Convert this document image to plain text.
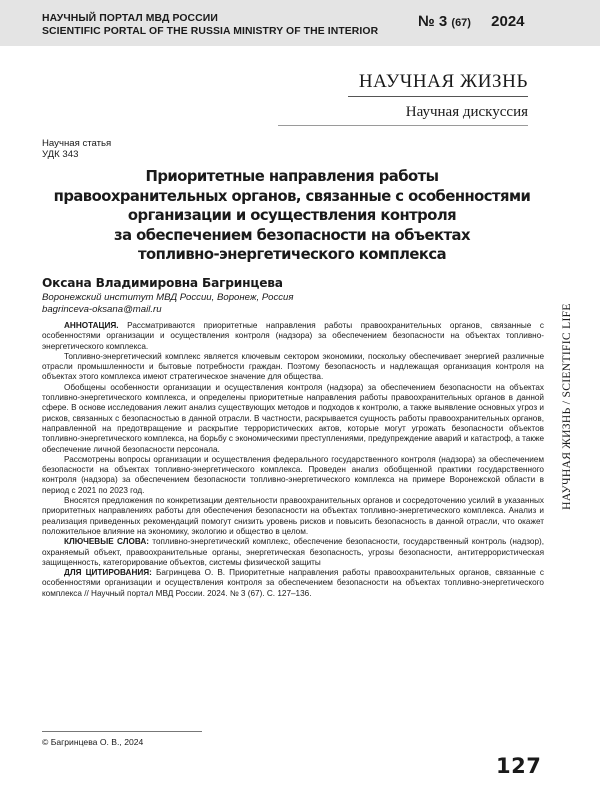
НАУЧНЫЙ ПОРТАЛ МВД РОССИИ
SCIENTIFIC PORTAL OF THE RUSSIA MINISTRY OF THE INTERIOR
№ 3 (67) 2024
НАУЧНАЯ ЖИЗНЬ
Научная дискуссия
НАУЧНАЯ ЖИЗНЬ / SCIENTIFIC LIFE
Научная статья
УДК 343
Приоритетные направления работы
правоохранительных органов, связанные с особенностями
организации и осуществления контроля
за обеспечением безопасности на объектах
топливно-энергетического комплекса
Оксана Владимировна Багринцева
Воронежский институт МВД России, Воронеж, Россия
bagrinceva-oksana@mail.ru

АННОТАЦИЯ. Рассматриваются приоритетные направления работы правоохранительных органов, связанные с особенностями организации и осуществления контроля (надзора) за обеспечением безопасности на объектах топливно-энергетического комплекса.

Топливно-энергетический комплекс является ключевым сектором экономики, поскольку обеспечивает энергией различные отрасли промышленности и бытовые потребности граждан. Поэтому безопасность и надлежащая организация контроля на объектах этого комплекса имеют стратегическое значение для общества.

Обобщены особенности организации и осуществления контроля (надзора) за обеспечением безопасности на объектах топливно-энергетического комплекса, и определены приоритетные направления работы правоохранительных органов в данной сфере. В основе исследования лежит анализ существующих методов и подходов к контролю, а также выявление основных угроз и рисков, связанных с безопасностью в данной отрасли. В частности, раскрывается сущность работы правоохранительных органов, направленной на предотвращение и раскрытие террористических актов, которые могут угрожать безопасности объектов топливно-энергетического комплекса, на борьбу с экономическими преступлениями, предупреждение аварий и катастроф, а также обеспечение личной безопасности персонала.

Рассмотрены вопросы организации и осуществления федерального государственного контроля (надзора) за обеспечением безопасности на объектах топливно-энергетического комплекса. Проведен анализ обобщенной практики государственного контроля (надзора) за обеспечением безопасности топливно-энергетического комплекса на примере Воронежской области в период с 2021 по 2023 год.

Вносятся предложения по конкретизации деятельности правоохранительных органов и сосредоточению усилий в указанных приоритетных направлениях работы для обеспечения безопасности на объектах топливно-энергетического комплекса. Анализ и реализация приведенных рекомендаций помогут снизить уровень рисков и повысить безопасность в данной отрасли, что окажет положительное влияние на экономику, экологию и общество в целом.

КЛЮЧЕВЫЕ СЛОВА: топливно-энергетический комплекс, обеспечение безопасности, государственный контроль (надзор), охраняемый объект, правоохранительные органы, энергетическая безопасность, угрозы безопасности, антитеррористическая защищенность, категорирование объектов, системы физической защиты

ДЛЯ ЦИТИРОВАНИЯ: Багринцева О. В. Приоритетные направления работы правоохранительных органов, связанные с особенностями организации и осуществления контроля за обеспечением безопасности на объектах топливно-энергетического комплекса // Научный портал МВД России. 2024. № 3 (67). С. 127–136.

© Багринцева О. В., 2024
127
